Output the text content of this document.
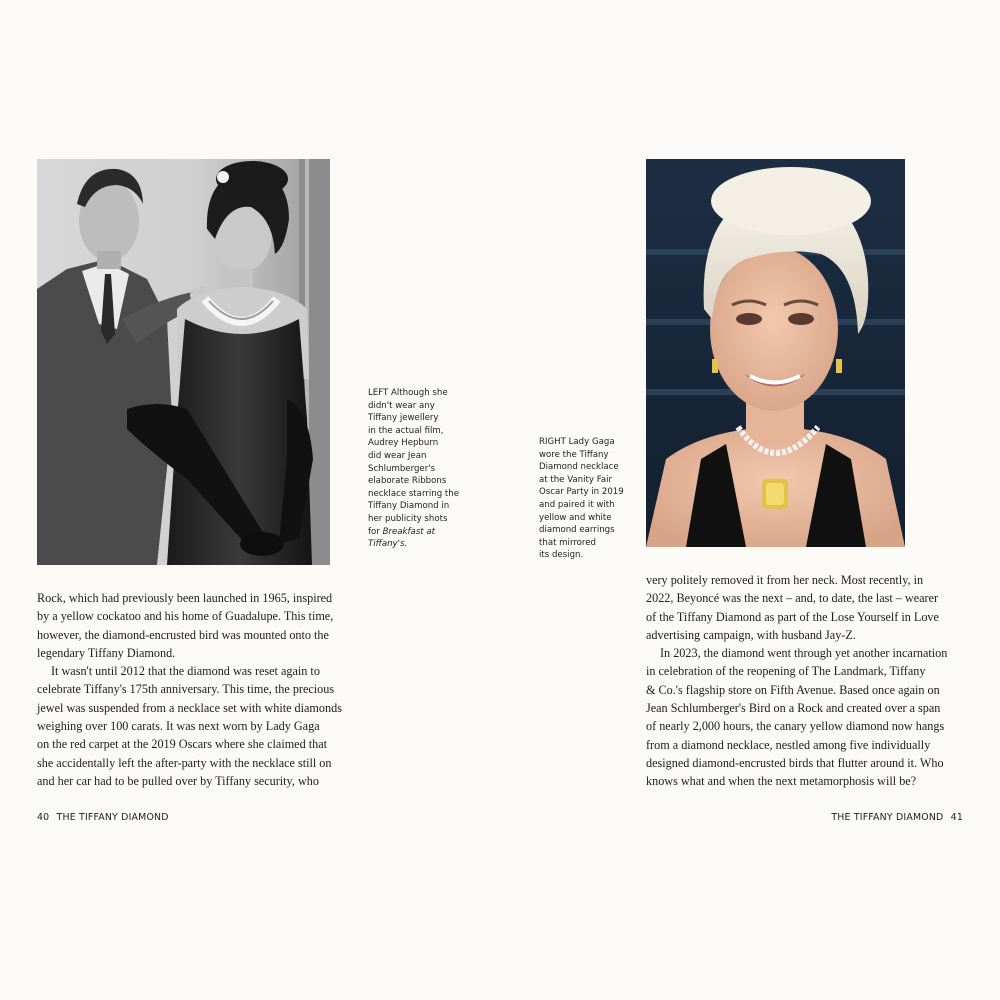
LEFT Although she
didn't wear any
Tiffany jewellery
in the actual film,
Audrey Hepburn
did wear Jean
Schlumberger's
elaborate Ribbons
necklace starring the
Tiffany Diamond in
her publicity shots
for Breakfast at
Tiffany's.

RIGHT Lady Gaga
wore the Tiffany
Diamond necklace
at the Vanity Fair
Oscar Party in 2019
and paired it with
yellow and white
diamond earrings
that mirrored
its design.

Rock, which had previously been launched in 1965, inspired
by a yellow cockatoo and his home of Guadalupe. This time,
however, the diamond-encrusted bird was mounted onto the
legendary Tiffany Diamond.
It wasn't until 2012 that the diamond was reset again to
celebrate Tiffany's 175th anniversary. This time, the precious
jewel was suspended from a necklace set with white diamonds
weighing over 100 carats. It was next worn by Lady Gaga
on the red carpet at the 2019 Oscars where she claimed that
she accidentally left the after-party with the necklace still on
and her car had to be pulled over by Tiffany security, who
very politely removed it from her neck. Most recently, in
2022, Beyoncé was the next – and, to date, the last – wearer
of the Tiffany Diamond as part of the Lose Yourself in Love
advertising campaign, with husband Jay-Z.
In 2023, the diamond went through yet another incarnation
in celebration of the reopening of The Landmark, Tiffany
& Co.'s flagship store on Fifth Avenue. Based once again on
Jean Schlumberger's Bird on a Rock and created over a span
of nearly 2,000 hours, the canary yellow diamond now hangs
from a diamond necklace, nestled among five individually
designed diamond-encrusted birds that flutter around it. Who
knows what and when the next metamorphosis will be?
40 THE TIFFANY DIAMOND	THE TIFFANY DIAMOND 41
